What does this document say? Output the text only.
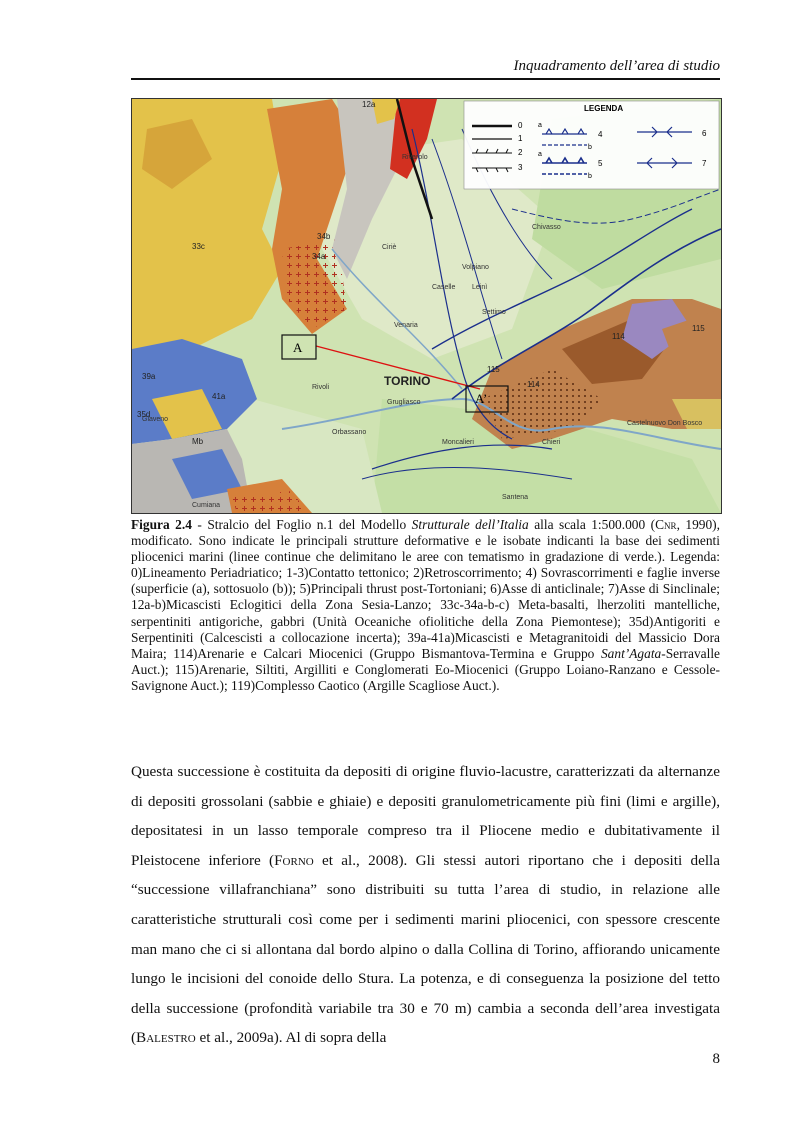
Inquadramento dell’area di studio
LEGENDA
0
1
2
3
a
b
a
b
4
5
6
7
A
A’
TORINO
Rivarolo
Ciriè
Volpiano
Venaria
Rivoli
Moncalieri	Chieri
Orbassano
Giaveno
Settimo
Leinì
Caselle
Grugliasco
Chivasso
Castelnuovo Don Bosco
Santena
Cumiana
12a
33c
34b
34a
39a
41a
35d
Mb
115
114
115
114
Figura 2.4 - Stralcio del Foglio n.1 del Modello Strutturale dell’Italia alla scala 1:500.000 (Cnr, 1990), modificato. Sono indicate le principali strutture deformative e le isobate indicanti la base dei sedimenti pliocenici marini (linee continue che delimitano le aree con tematismo in gradazione di verde.). Legenda: 0)Lineamento Periadriatico; 1-3)Contatto tettonico; 2)Retroscorrimento; 4) Sovrascorrimenti e faglie inverse (superficie (a), sottosuolo (b)); 5)Principali thrust post-Tortoniani; 6)Asse di anticlinale; 7)Asse di Sinclinale; 12a-b)Micascisti Eclogitici della Zona Sesia-Lanzo; 33c-34a-b-c) Meta-basalti, lherzoliti mantelliche, serpentiniti antigoriche, gabbri (Unità Oceaniche ofiolitiche della Zona Piemontese); 35d)Antigoriti e Serpentiniti (Calcescisti a collocazione incerta); 39a-41a)Micascisti e Metagranitoidi del Massicio Dora Maira; 114)Arenarie e Calcari Miocenici (Gruppo Bismantova-Termina e Gruppo Sant’Agata-Serravalle Auct.); 115)Arenarie, Siltiti, Argilliti e Conglomerati Eo-Miocenici (Gruppo Loiano-Ranzano e Cessole-Savignone Auct.); 119)Complesso Caotico (Argille Scagliose Auct.).
Questa successione è costituita da depositi di origine fluvio-lacustre, caratterizzati da alternanze di depositi grossolani (sabbie e ghiaie) e depositi granulometricamente più fini (limi e argille), depositatesi in un lasso temporale compreso tra il Pliocene medio e dubitativamente il Pleistocene inferiore (Forno et al., 2008). Gli stessi autori riportano che i depositi della “successione villafranchiana” sono distribuiti su tutta l’area di studio, in relazione alle caratteristiche strutturali così come per i sedimenti marini pliocenici, con spessore crescente man mano che ci si allontana dal bordo alpino o dalla Collina di Torino, affiorando unicamente lungo le incisioni del conoide dello Stura. La potenza, e di conseguenza la posizione del tetto della successione (profondità variabile tra 30 e 70 m) cambia a seconda dell’area investigata (Balestro et al., 2009a). Al di sopra della
8
